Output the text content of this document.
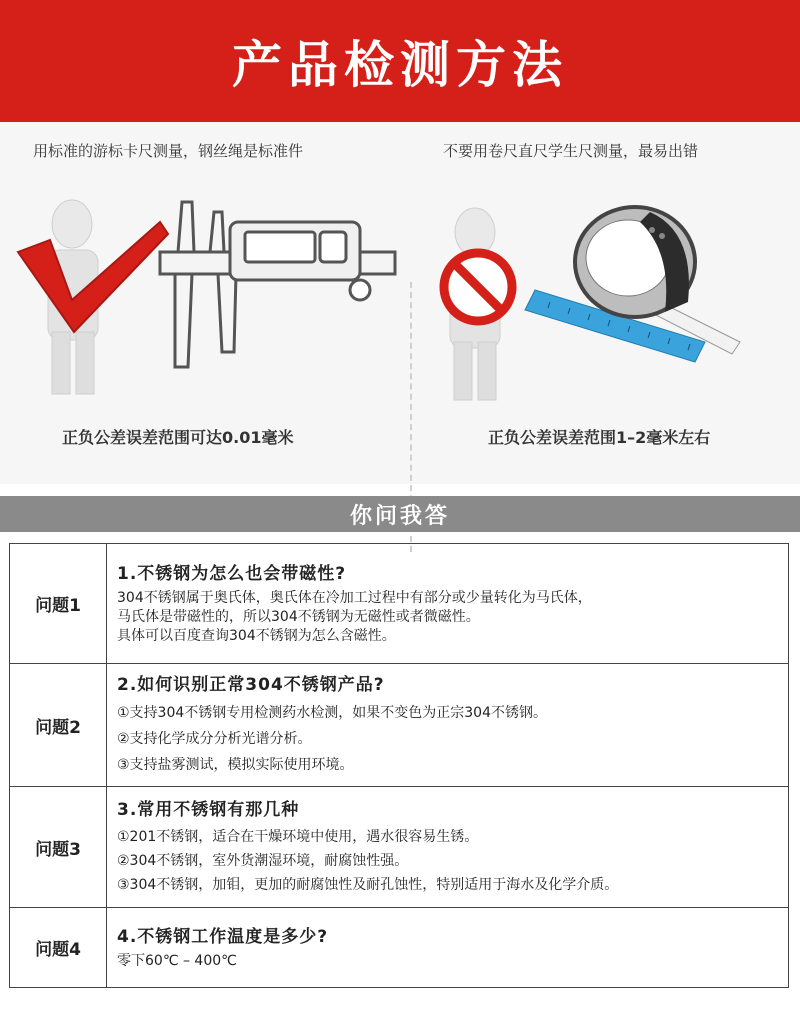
产品检测方法
用标准的游标卡尺测量，钢丝绳是标准件	不要用卷尺直尺学生尺测量，最易出错
正负公差误差范围可达0.01毫米	正负公差误差范围1–2毫米左右
你问我答
问题1	1.不锈钢为怎么也会带磁性?
304不锈钢属于奥氏体，奥氏体在冷加工过程中有部分或少量转化为马氏体，
马氏体是带磁性的，所以304不锈钢为无磁性或者微磁性。
具体可以百度查询304不锈钢为怎么含磁性。

问题2	2.如何识别正常304不锈钢产品?
①支持304不锈钢专用检测药水检测，如果不变色为正宗304不锈钢。
②支持化学成分分析光谱分析。
③支持盐雾测试，模拟实际使用环境。

问题3	3.常用不锈钢有那几种
①201不锈钢，适合在干燥环境中使用，遇水很容易生锈。
②304不锈钢，室外货潮湿环境，耐腐蚀性强。
③304不锈钢，加钼，更加的耐腐蚀性及耐孔蚀性，特别适用于海水及化学介质。

问题4	4.不锈钢工作温度是多少?
零下60℃ – 400℃
